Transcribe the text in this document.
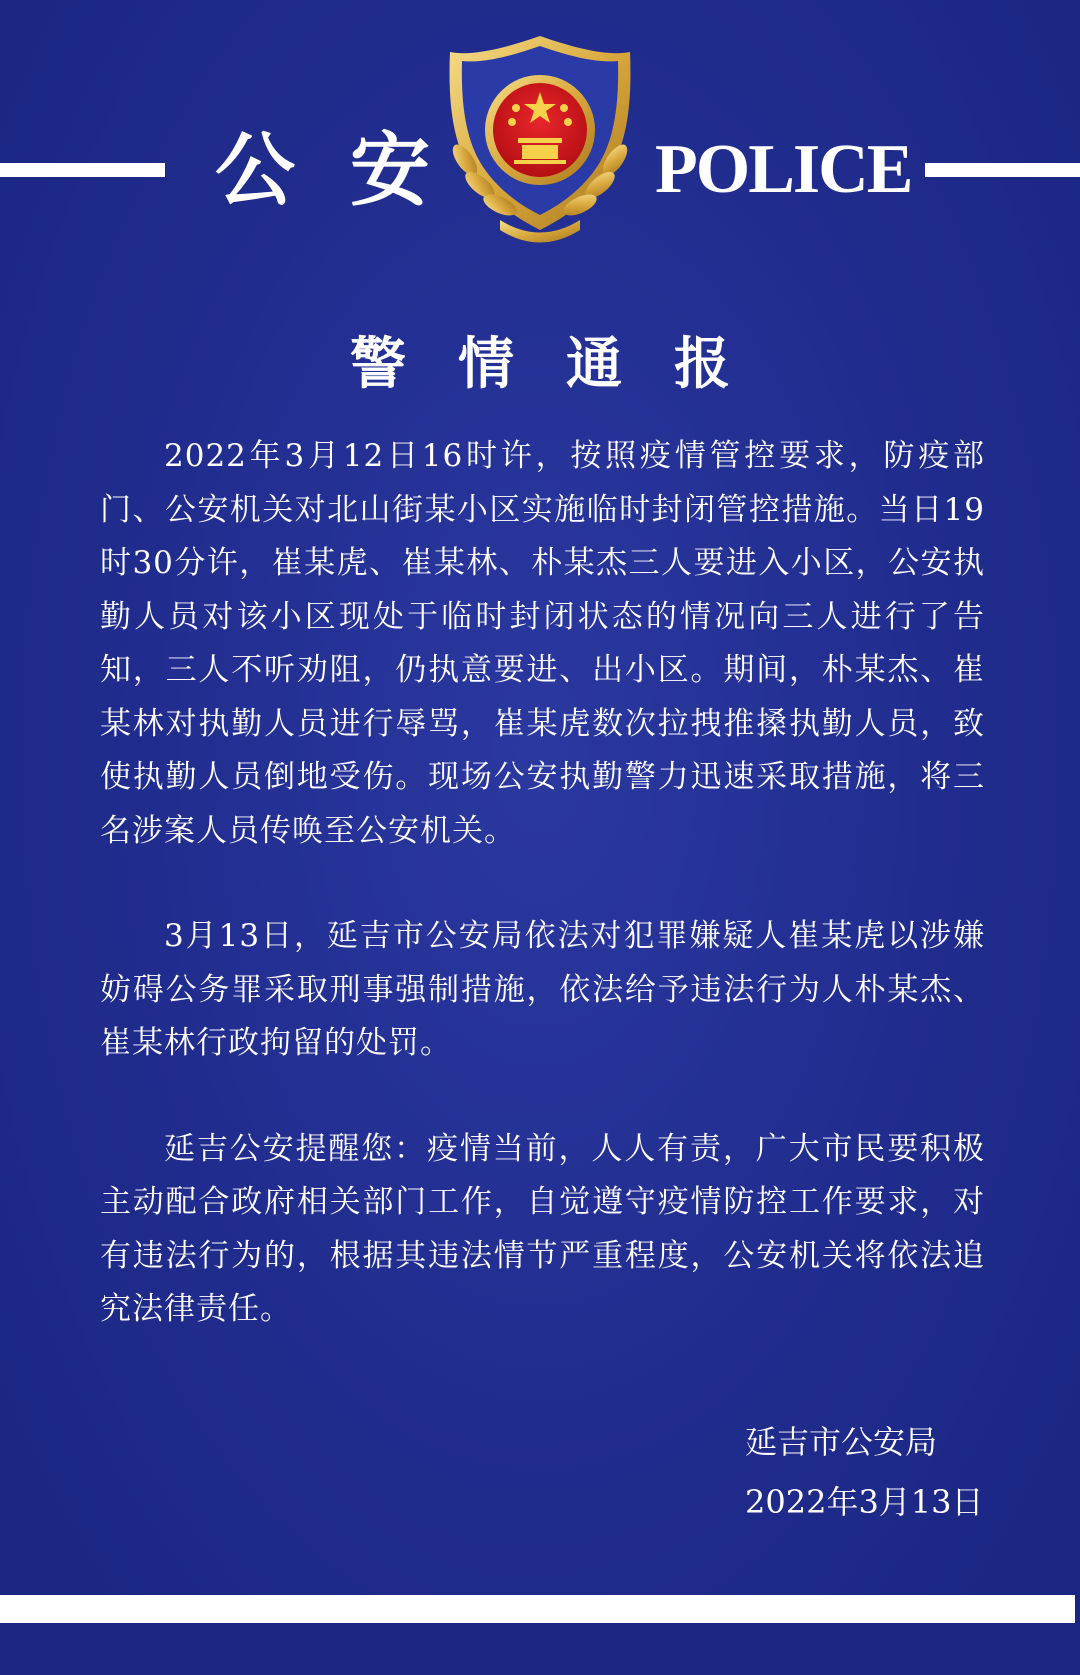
公 安	POLICE
警情通报

2022年3月12日16时许，按照疫情管控要求，防疫部门、公安机关对北山街某小区实施临时封闭管控措施。当日19时30分许，崔某虎、崔某林、朴某杰三人要进入小区，公安执勤人员对该小区现处于临时封闭状态的情况向三人进行了告知，三人不听劝阻，仍执意要进、出小区。期间，朴某杰、崔某林对执勤人员进行辱骂，崔某虎数次拉拽推搡执勤人员，致使执勤人员倒地受伤。现场公安执勤警力迅速采取措施，将三名涉案人员传唤至公安机关。

3月13日，延吉市公安局依法对犯罪嫌疑人崔某虎以涉嫌妨碍公务罪采取刑事强制措施，依法给予违法行为人朴某杰、崔某林行政拘留的处罚。

延吉公安提醒您：疫情当前，人人有责，广大市民要积极主动配合政府相关部门工作，自觉遵守疫情防控工作要求，对有违法行为的，根据其违法情节严重程度，公安机关将依法追究法律责任。

延吉市公安局
2022年3月13日
